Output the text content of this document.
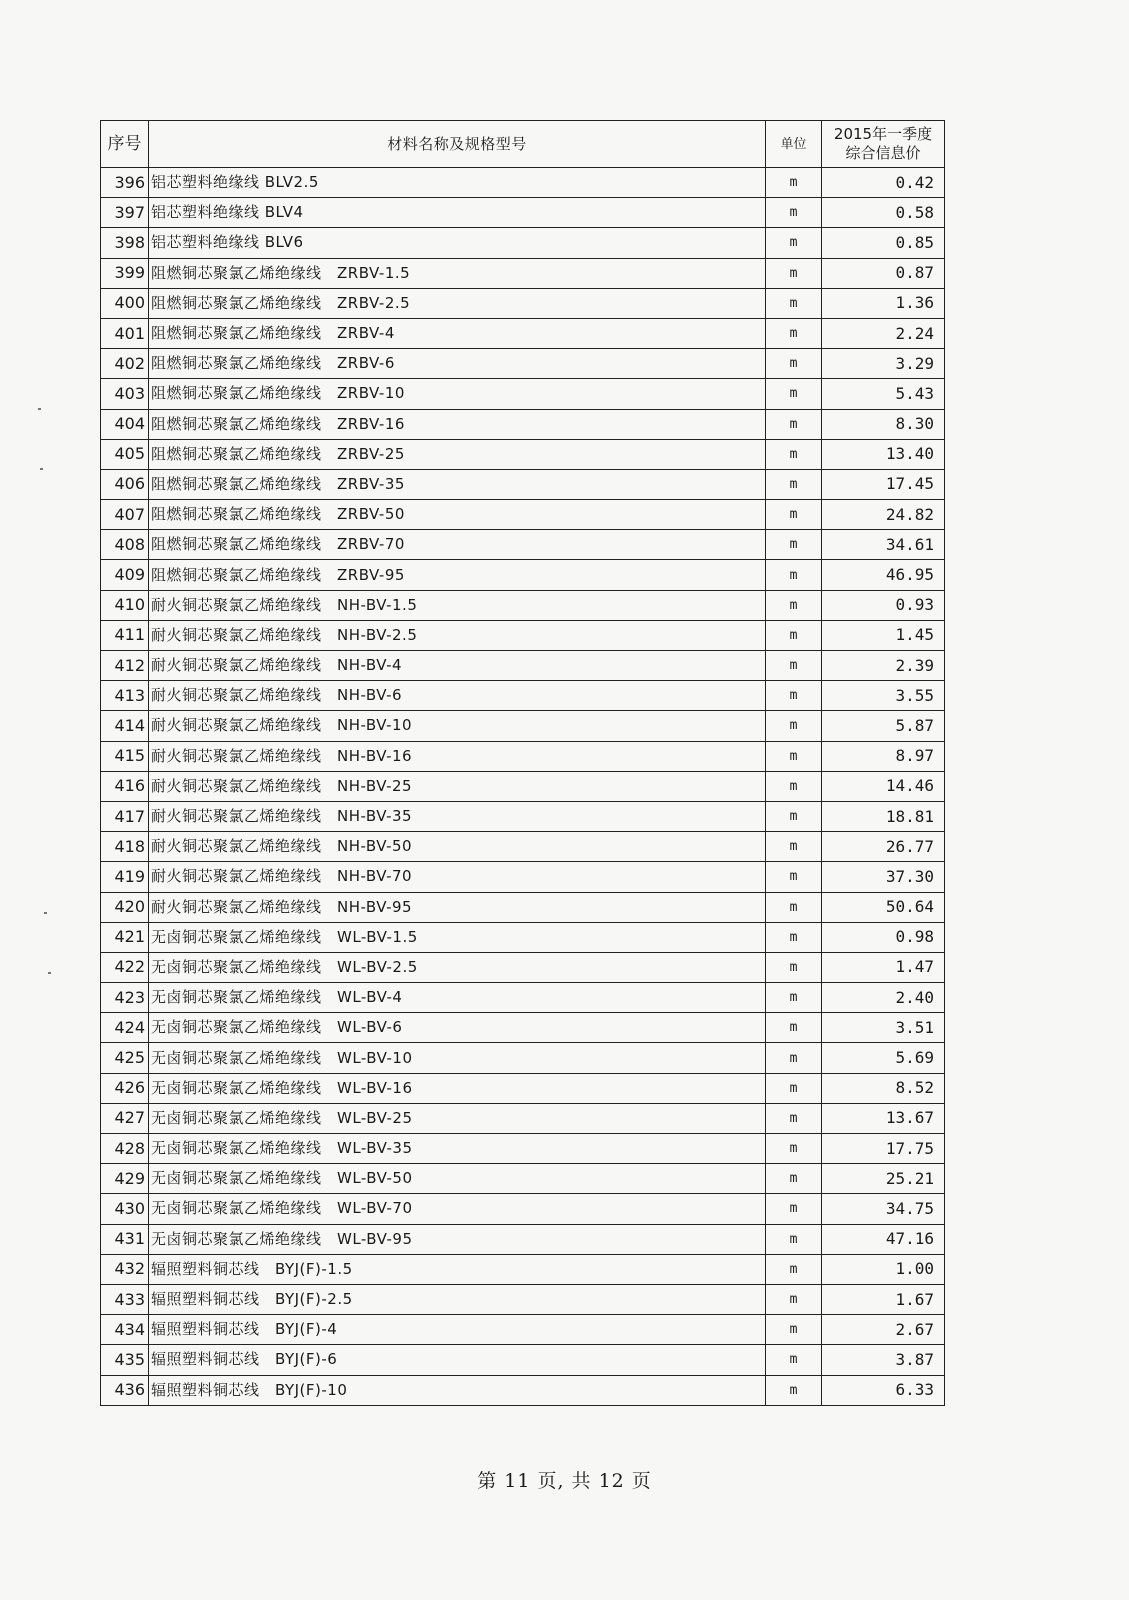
序号	材料名称及规格型号	单位	2015年一季度
综合信息价

396	铝芯塑料绝缘线 BLV2.5	m	0.42
397	铝芯塑料绝缘线 BLV4	m	0.58
398	铝芯塑料绝缘线 BLV6	m	0.85
399	阻燃铜芯聚氯乙烯绝缘线　ZRBV-1.5	m	0.87
400	阻燃铜芯聚氯乙烯绝缘线　ZRBV-2.5	m	1.36
401	阻燃铜芯聚氯乙烯绝缘线　ZRBV-4	m	2.24
402	阻燃铜芯聚氯乙烯绝缘线　ZRBV-6	m	3.29
403	阻燃铜芯聚氯乙烯绝缘线　ZRBV-10	m	5.43
404	阻燃铜芯聚氯乙烯绝缘线　ZRBV-16	m	8.30
405	阻燃铜芯聚氯乙烯绝缘线　ZRBV-25	m	13.40
406	阻燃铜芯聚氯乙烯绝缘线　ZRBV-35	m	17.45
407	阻燃铜芯聚氯乙烯绝缘线　ZRBV-50	m	24.82
408	阻燃铜芯聚氯乙烯绝缘线　ZRBV-70	m	34.61
409	阻燃铜芯聚氯乙烯绝缘线　ZRBV-95	m	46.95
410	耐火铜芯聚氯乙烯绝缘线　NH-BV-1.5	m	0.93
411	耐火铜芯聚氯乙烯绝缘线　NH-BV-2.5	m	1.45
412	耐火铜芯聚氯乙烯绝缘线　NH-BV-4	m	2.39
413	耐火铜芯聚氯乙烯绝缘线　NH-BV-6	m	3.55
414	耐火铜芯聚氯乙烯绝缘线　NH-BV-10	m	5.87
415	耐火铜芯聚氯乙烯绝缘线　NH-BV-16	m	8.97
416	耐火铜芯聚氯乙烯绝缘线　NH-BV-25	m	14.46
417	耐火铜芯聚氯乙烯绝缘线　NH-BV-35	m	18.81
418	耐火铜芯聚氯乙烯绝缘线　NH-BV-50	m	26.77
419	耐火铜芯聚氯乙烯绝缘线　NH-BV-70	m	37.30
420	耐火铜芯聚氯乙烯绝缘线　NH-BV-95	m	50.64
421	无卤铜芯聚氯乙烯绝缘线　WL-BV-1.5	m	0.98
422	无卤铜芯聚氯乙烯绝缘线　WL-BV-2.5	m	1.47
423	无卤铜芯聚氯乙烯绝缘线　WL-BV-4	m	2.40
424	无卤铜芯聚氯乙烯绝缘线　WL-BV-6	m	3.51
425	无卤铜芯聚氯乙烯绝缘线　WL-BV-10	m	5.69
426	无卤铜芯聚氯乙烯绝缘线　WL-BV-16	m	8.52
427	无卤铜芯聚氯乙烯绝缘线　WL-BV-25	m	13.67
428	无卤铜芯聚氯乙烯绝缘线　WL-BV-35	m	17.75
429	无卤铜芯聚氯乙烯绝缘线　WL-BV-50	m	25.21
430	无卤铜芯聚氯乙烯绝缘线　WL-BV-70	m	34.75
431	无卤铜芯聚氯乙烯绝缘线　WL-BV-95	m	47.16
432	辐照塑料铜芯线　BYJ(F)-1.5	m	1.00
433	辐照塑料铜芯线　BYJ(F)-2.5	m	1.67
434	辐照塑料铜芯线　BYJ(F)-4	m	2.67
435	辐照塑料铜芯线　BYJ(F)-6	m	3.87
436	辐照塑料铜芯线　BYJ(F)-10	m	6.33
第 11 页, 共 12 页
